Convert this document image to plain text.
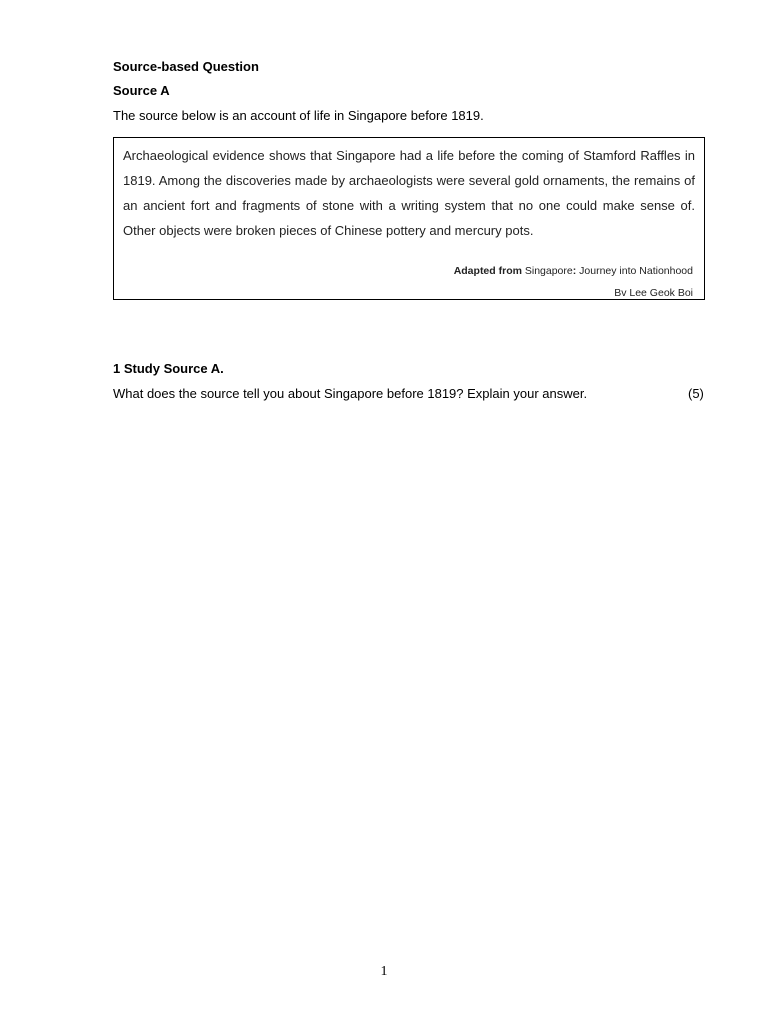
Source-based Question
Source A
The source below is an account of life in Singapore before 1819.
Archaeological evidence shows that Singapore had a life before the coming of Stamford Raffles in 1819. Among the discoveries made by archaeologists were several gold ornaments, the remains of an ancient fort and fragments of stone with a writing system that no one could make sense of. Other objects were broken pieces of Chinese pottery and mercury pots.
Adapted from Singapore: Journey into Nationhood
Bv Lee Geok Boi
1 Study Source A.
What does the source tell you about Singapore before 1819? Explain your answer.	(5)
1
